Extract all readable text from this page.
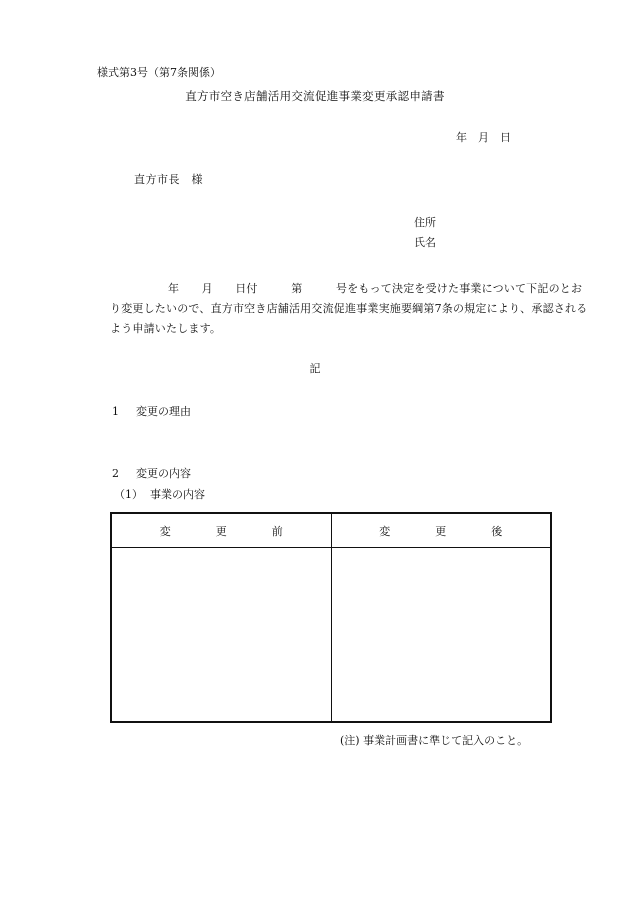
様式第3号（第7条関係）
直方市空き店舗活用交流促進事業変更承認申請書
年　月　日
直方市長　様
住所
氏名
年　　月　　日付　　　第　　　号をもって決定を受けた事業について下記のとおり変更したいので、直方市空き店舗活用交流促進事業実施要綱第7条の規定により、承認されるよう申請いたします。
記
1 変更の理由
2 変更の内容
（1） 事業の内容
変更前	変更後

(注) 事業計画書に準じて記入のこと。
